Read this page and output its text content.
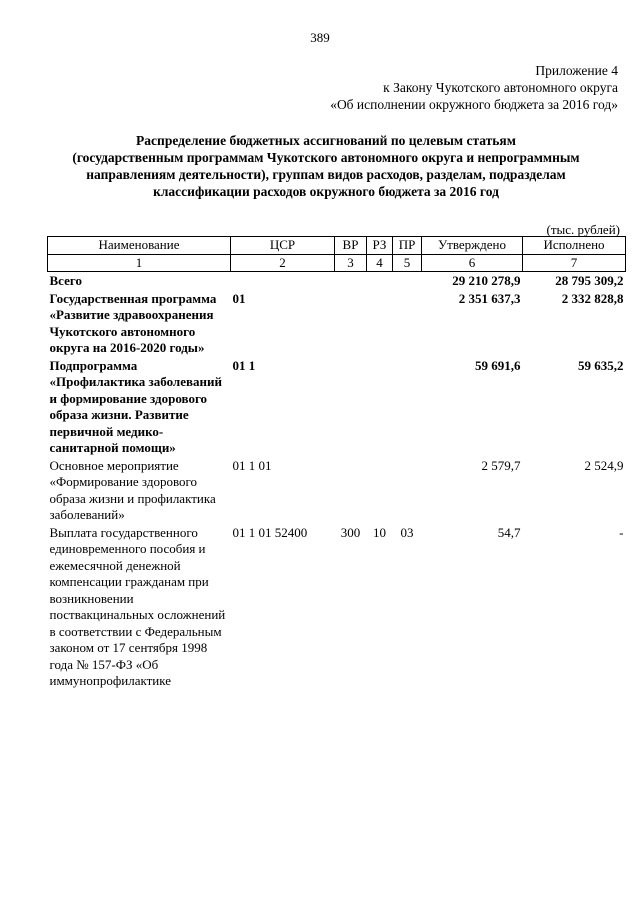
389
Приложение 4
к Закону Чукотского автономного округа
«Об исполнении окружного бюджета за 2016 год»
Распределение бюджетных ассигнований по целевым статьям
(государственным программам Чукотского автономного округа и непрограммным
направлениям деятельности), группам видов расходов, разделам, подразделам
классификации расходов окружного бюджета за 2016 год
(тыс. рублей)
Наименование	ЦСР	ВР	РЗ	ПР	Утверждено	Исполнено
1	2	3	4	5	6	7
Всего					29 210 278,9	28 795 309,2
Государственная программа «Развитие здравоохранения Чукотского автономного округа на 2016-2020 годы»	01				2 351 637,3	2 332 828,8
Подпрограмма «Профилактика заболеваний и формирование здорового образа жизни. Развитие первичной медико-санитарной помощи»	01 1				59 691,6	59 635,2
Основное мероприятие «Формирование здорового образа жизни и профилактика заболеваний»	01 1 01				2 579,7	2 524,9
Выплата государственного единовременного пособия и ежемесячной денежной компенсации гражданам при возникновении поствакцинальных осложнений в соответствии с Федеральным законом от 17 сентября 1998 года № 157-ФЗ «Об иммунопрофилактике	01 1 01 52400	300	10	03	54,7	-
